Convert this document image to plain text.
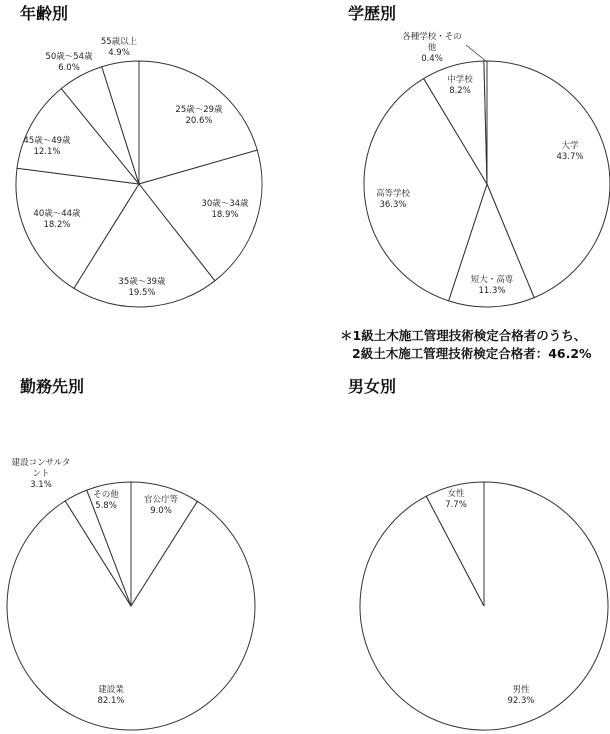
年齢別	学歴別
勤務先別	男女別
＊1級土木施工管理技術検定合格者のうち、
2級土木施工管理技術検定合格者：46.2%
25歳〜29歳 20.6%
30歳〜34歳 18.9%
35歳〜39歳 19.5%
40歳〜44歳 18.2%
45歳〜49歳 12.1%
50歳〜54歳 6.0%
55歳以上 4.9%
大学 43.7%
短大・高専 11.3%
高等学校 36.3%
中学校 8.2%
各種学校・その他 0.4%
官公庁等 9.0%
建設業 82.1%
建設コンサルタント 3.1%
その他 5.8%
男性 92.3%
女性 7.7%
